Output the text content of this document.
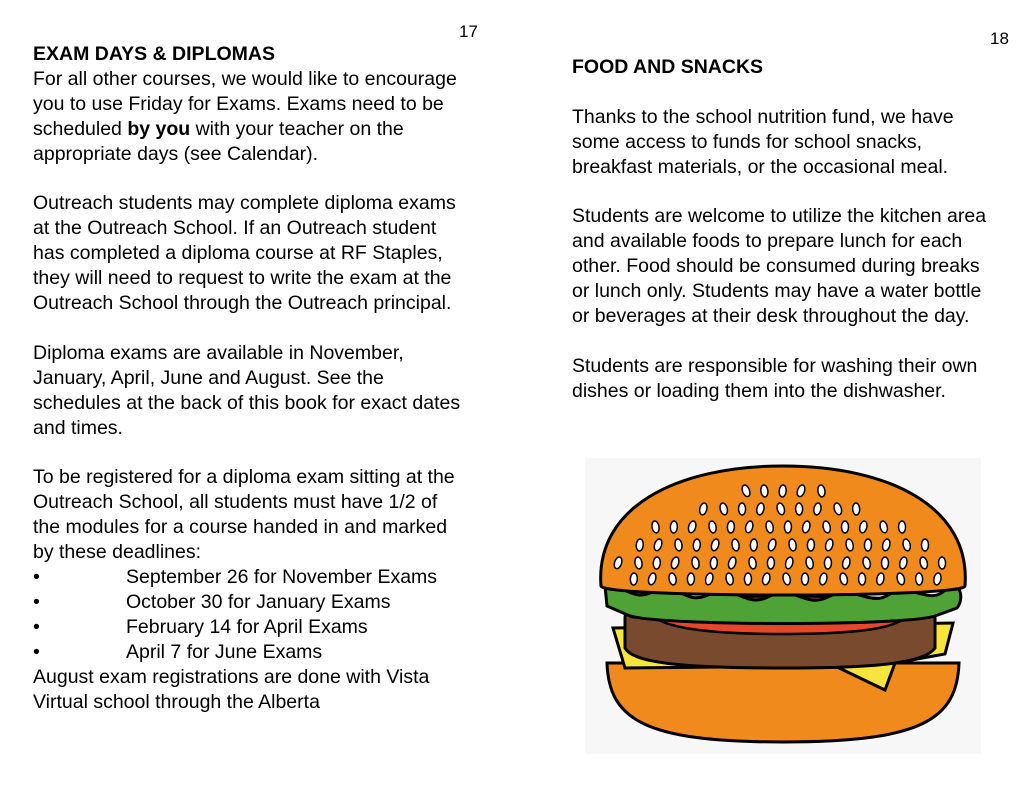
17	18

EXAM DAYS & DIPLOMAS

For all other courses, we would like to encourage you to use Friday for Exams. Exams need to be scheduled by you with your teacher on the appropriate days (see Calendar).

Outreach students may complete diploma exams at the Outreach School. If an Outreach student has completed a diploma course at RF Staples, they will need to request to write the exam at the Outreach School through the Outreach principal.

Diploma exams are available in November, January, April, June and August. See the schedules at the back of this book for exact dates and times.

To be registered for a diploma exam sitting at the Outreach School, all students must have 1/2 of the modules for a course handed in and marked by these deadlines:

•	September 26 for November Exams

•	October 30 for January Exams
•	February 14 for April Exams
•	April 7 for June Exams

August exam registrations are done with Vista Virtual school through the Alberta

FOOD AND SNACKS

Thanks to the school nutrition fund, we have some access to funds for school snacks, breakfast materials, or the occasional meal.

Students are welcome to utilize the kitchen area and available foods to prepare lunch for each other. Food should be consumed during breaks or lunch only. Students may have a water bottle or beverages at their desk throughout the day.

Students are responsible for washing their own dishes or loading them into the dishwasher.
